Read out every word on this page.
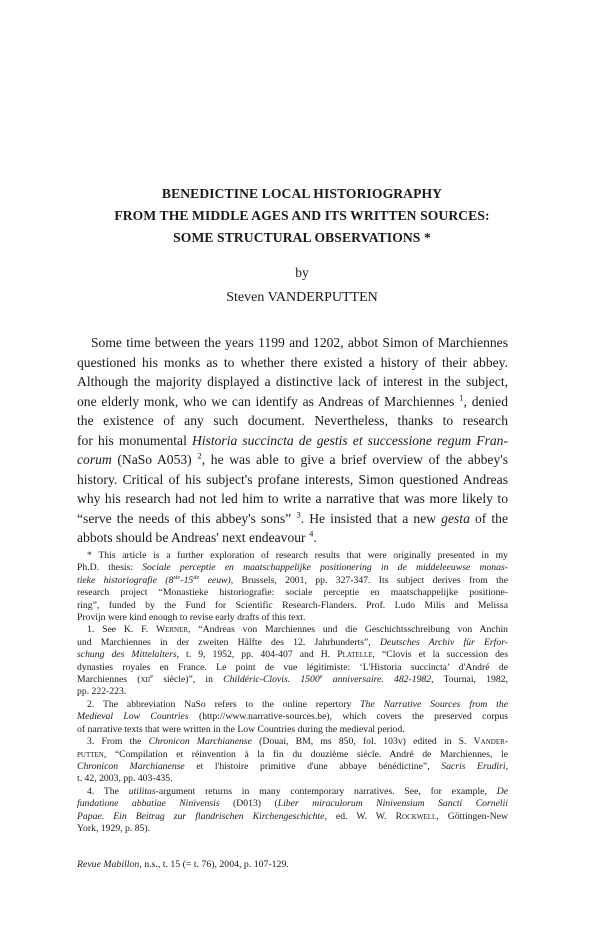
BENEDICTINE LOCAL HISTORIOGRAPHY
FROM THE MIDDLE AGES AND ITS WRITTEN SOURCES:
SOME STRUCTURAL OBSERVATIONS *
by
Steven VANDERPUTTEN
Some time between the years 1199 and 1202, abbot Simon of Marchiennes
questioned his monks as to whether there existed a history of their abbey.
Although the majority displayed a distinctive lack of interest in the subject,
one elderly monk, who we can identify as Andreas of Marchiennes $^1$, denied
the existence of any such document. Nevertheless, thanks to research
for his monumental Historia succincta de gestis et successione regum Fran-
corum (NaSo A053) $^2$, he was able to give a brief overview of the abbey's
history. Critical of his subject's profane interests, Simon questioned Andreas
why his research had not led him to write a narrative that was more likely to
“serve the needs of this abbey's sons” $^3$. He insisted that a new gesta of the
abbots should be Andreas' next endeavour $^4$.
* This article is a further exploration of research results that were originally presented in my
Ph.D. thesis: Sociale perceptie en maatschappelijke positionering in de middeleeuwse monas-
tieke historiografie (8ste-15de eeuw), Brussels, 2001, pp. 327-347. Its subject derives from the
research project “Monastieke historiografie: sociale perceptie en maatschappelijke positione-
ring”, funded by the Fund for Scientific Research-Flanders. Prof. Ludo Milis and Melissa
Provijn were kind enough to revise early drafts of this text.
1. See K. F. Werner, “Andreas von Marchiennes und die Geschichtsschreibung von Anchin
und Marchiennes in der zweiten Hälfte des 12. Jahrhunderts”, Deutsches Archiv für Erfor-
schung des Mittelalters, t. 9, 1952, pp. 404-407 and H. Platelle, “Clovis et la succession des
dynasties royales en France. Le point de vue légitimiste: ‘L'Historia succincta’ d'André de
Marchiennes (xii$^e$ siècle)”, in Childéric-Clovis. 1500e anniversaire. 482-1982, Tournai, 1982,
pp. 222-223.
2. The abbreviation NaSo refers to the online repertory The Narrative Sources from the
Medieval Low Countries (http://www.narrative-sources.be), which covers the preserved corpus
of narrative texts that were written in the Low Countries during the medieval period.
3. From the Chronicon Marchianense (Douai, BM, ms 850, fol. 103v) edited in S. Vander-
putten, “Compilation et réinvention à la fin du douzième siècle. André de Marchiennes, le
Chronicon Marchianense et l'histoire primitive d'une abbaye bénédictine”, Sacris Erudiri,
t. 42, 2003, pp. 403-435.
4. The utilitas-argument returns in many contemporary narratives. See, for example, De
fundatione abbatiae Ninivensis (D013) (Liber miraculorum Ninivensium Sancti Cornelii
Papae. Ein Beitrag zur flandrischen Kirchengeschichte, ed. W. W. Rockwell, Göttingen-New
York, 1929, p. 85).
Revue Mabillon, n.s., t. 15 (= t. 76), 2004, p. 107-129.
